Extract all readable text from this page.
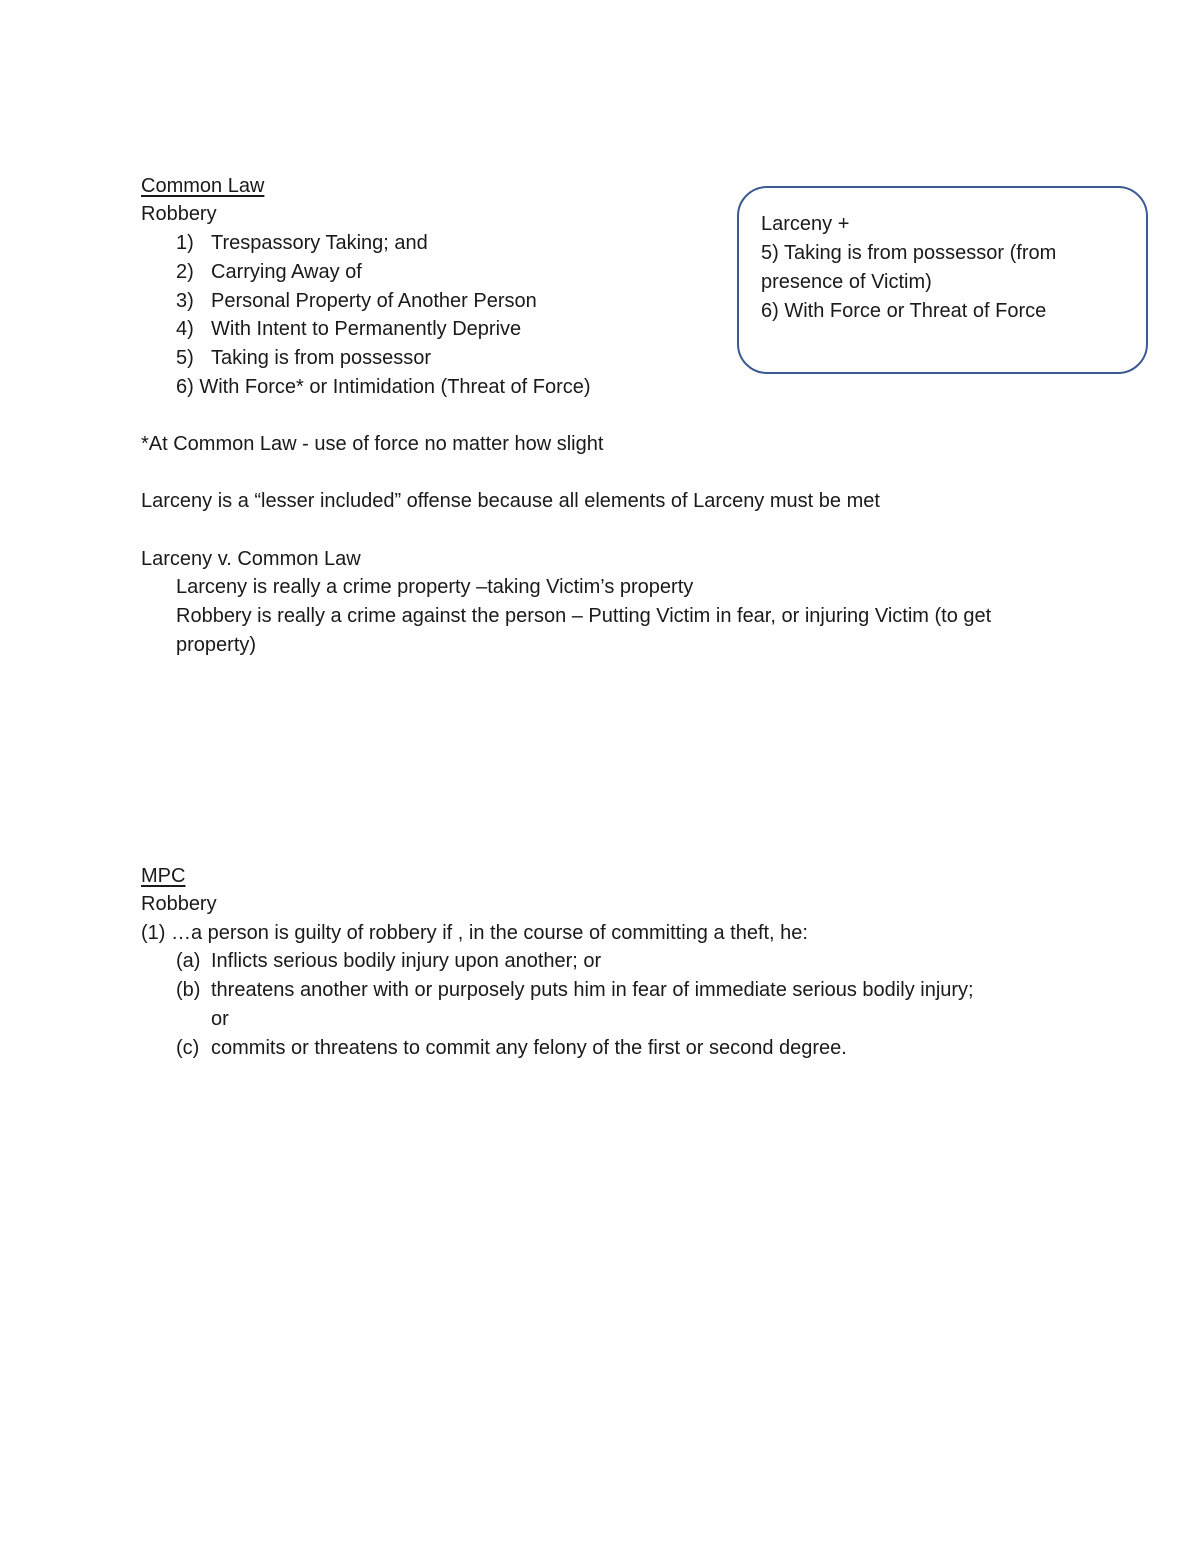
Common Law
Robbery
1) Trespassory Taking; and
2) Carrying Away of
3) Personal Property of Another Person
4) With Intent to Permanently Deprive
5) Taking is from possessor
6) With Force* or Intimidation (Threat of Force)
*At Common Law - use of force no matter how slight
Larceny is a “lesser included” offense because all elements of Larceny must be met
Larceny v. Common Law
Larceny is really a crime property –taking Victim’s property
Robbery is really a crime against the person – Putting Victim in fear, or injuring Victim (to get
property)
Larceny +
5) Taking is from possessor (from
presence of Victim)
6) With Force or Threat of Force
MPC
Robbery
(1) …a person is guilty of robbery if , in the course of committing a theft, he:
(a) Inflicts serious bodily injury upon another; or
(b) threatens another with or purposely puts him in fear of immediate serious bodily injury;
or
(c) commits or threatens to commit any felony of the first or second degree.
